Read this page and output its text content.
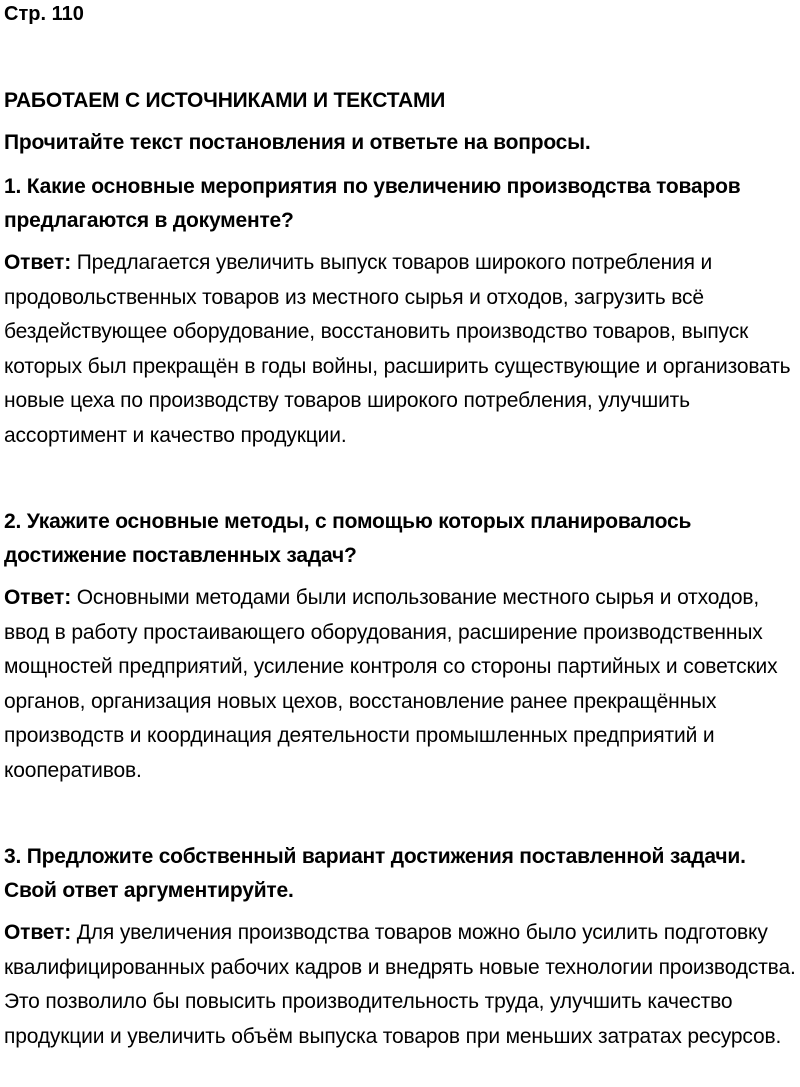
Стр. 110
РАБОТАЕМ С ИСТОЧНИКАМИ И ТЕКСТАМИ
Прочитайте текст постановления и ответьте на вопросы.

1. Какие основные мероприятия по увеличению производства товаров предлагаются в документе?

Ответ: Предлагается увеличить выпуск товаров широкого потребления и продовольственных товаров из местного сырья и отходов, загрузить всё бездействующее оборудование, восстановить производство товаров, выпуск которых был прекращён в годы войны, расширить существующие и организовать новые цеха по производству товаров широкого потребления, улучшить ассортимент и качество продукции.

2. Укажите основные методы, с помощью которых планировалось достижение поставленных задач?

Ответ: Основными методами были использование местного сырья и отходов, ввод в работу простаивающего оборудования, расширение производственных мощностей предприятий, усиление контроля со стороны партийных и советских органов, организация новых цехов, восстановление ранее прекращённых производств и координация деятельности промышленных предприятий и кооперативов.

3. Предложите собственный вариант достижения поставленной задачи. Свой ответ аргументируйте.

Ответ: Для увеличения производства товаров можно было усилить подготовку квалифицированных рабочих кадров и внедрять новые технологии производства. Это позволило бы повысить производительность труда, улучшить качество продукции и увеличить объём выпуска товаров при меньших затратах ресурсов.
